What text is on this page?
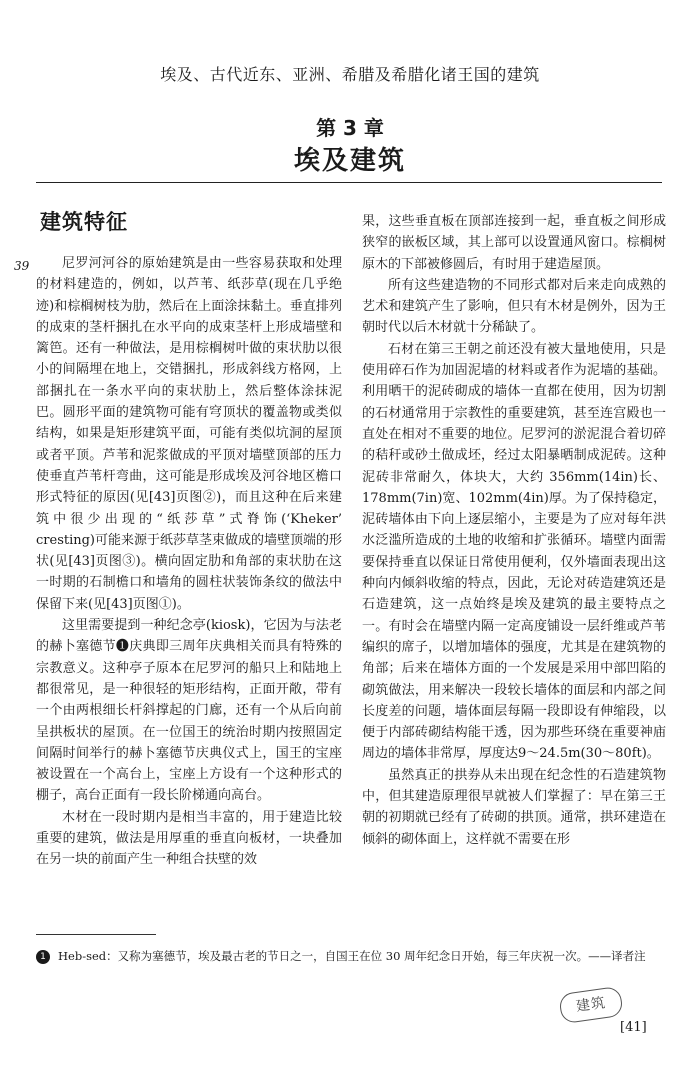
埃及、古代近东、亚洲、希腊及希腊化诸王国的建筑
第 3 章
埃及建筑
建筑特征
39	尼罗河河谷的原始建筑是由一些容易获取和处理的材料建造的，例如，以芦苇、纸莎草(现在几乎绝迹)和棕榈树枝为肋，然后在上面涂抹黏土。垂直排列的成束的茎杆捆扎在水平向的成束茎杆上形成墙壁和篱笆。还有一种做法，是用棕榈树叶做的束状肋以很小的间隔埋在地上，交错捆扎，形成斜线方格网，上部捆扎在一条水平向的束状肋上，然后整体涂抹泥巴。圆形平面的建筑物可能有穹顶状的覆盖物或类似结构，如果是矩形建筑平面，可能有类似坑洞的屋顶或者平顶。芦苇和泥浆做成的平顶对墙壁顶部的压力使垂直芦苇杆弯曲，这可能是形成埃及河谷地区檐口形式特征的原因(见[43]页图②)，而且这种在后来建筑中很少出现的“纸莎草”式脊饰(‘Kheker’ cresting)可能来源于纸莎草茎束做成的墙壁顶端的形状(见[43]页图③)。横向固定肋和角部的束状肋在这一时期的石制檐口和墙角的圆柱状装饰条纹的做法中保留下来(见[43]页图①)。

这里需要提到一种纪念亭(kiosk)，它因为与法老的赫卜塞德节❶庆典即三周年庆典相关而具有特殊的宗教意义。这种亭子原本在尼罗河的船只上和陆地上都很常见，是一种很轻的矩形结构，正面开敞，带有一个由两根细长杆斜撑起的门廊，还有一个从后向前呈拱板状的屋顶。在一位国王的统治时期内按照固定间隔时间举行的赫卜塞德节庆典仪式上，国王的宝座被设置在一个高台上，宝座上方设有一个这种形式的棚子，高台正面有一段长阶梯通向高台。

木材在一段时期内是相当丰富的，用于建造比较重要的建筑，做法是用厚重的垂直向板材，一块叠加在另一块的前面产生一种组合扶壁的效

果，这些垂直板在顶部连接到一起，垂直板之间形成狭窄的嵌板区域，其上部可以设置通风窗口。棕榈树原木的下部被修圆后，有时用于建造屋顶。

所有这些建造物的不同形式都对后来走向成熟的艺术和建筑产生了影响，但只有木材是例外，因为王朝时代以后木材就十分稀缺了。

石材在第三王朝之前还没有被大量地使用，只是使用碎石作为加固泥墙的材料或者作为泥墙的基础。利用晒干的泥砖砌成的墙体一直都在使用，因为切割的石材通常用于宗教性的重要建筑，甚至连宫殿也一直处在相对不重要的地位。尼罗河的淤泥混合着切碎的秸秆或砂土做成坯，经过太阳暴晒制成泥砖。这种泥砖非常耐久，体块大，大约 356mm(14in)长、178mm(7in)宽、102mm(4in)厚。为了保持稳定，泥砖墙体由下向上逐层缩小，主要是为了应对每年洪水泛滥所造成的土地的收缩和扩张循环。墙壁内面需要保持垂直以保证日常使用便利，仅外墙面表现出这种向内倾斜收缩的特点，因此，无论对砖造建筑还是石造建筑，这一点始终是埃及建筑的最主要特点之一。有时会在墙壁内隔一定高度铺设一层纤维或芦苇编织的席子，以增加墙体的强度，尤其是在建筑物的角部；后来在墙体方面的一个发展是采用中部凹陷的砌筑做法，用来解决一段较长墙体的面层和内部之间长度差的问题，墙体面层每隔一段即设有伸缩段，以便于内部砖砌结构能干透，因为那些环绕在重要神庙周边的墙体非常厚，厚度达9～24.5m(30～80ft)。

虽然真正的拱券从未出现在纪念性的石造建筑物中，但其建造原理很早就被人们掌握了：早在第三王朝的初期就已经有了砖砌的拱顶。通常，拱环建造在倾斜的砌体面上，这样就不需要在形

1 Heb-sed：又称为塞德节，埃及最古老的节日之一，自国王在位 30 周年纪念日开始，每三年庆祝一次。——译者注
建筑
[41]
